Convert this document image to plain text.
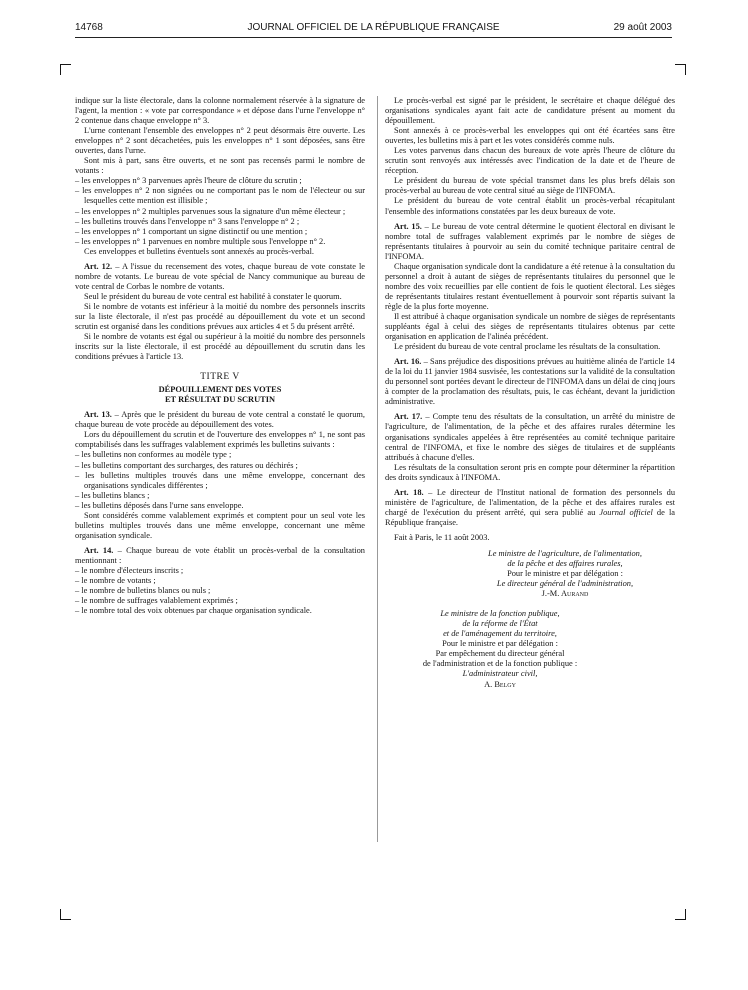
14768	JOURNAL OFFICIEL DE LA RÉPUBLIQUE FRANÇAISE	29 août 2003

indique sur la liste électorale, dans la colonne normalement réservée à la signature de l'agent, la mention : « vote par correspondance » et dépose dans l'urne l'enveloppe n° 2 contenue dans chaque enveloppe n° 3.

L'urne contenant l'ensemble des enveloppes n° 2 peut désormais être ouverte. Les enveloppes n° 2 sont décachetées, puis les enveloppes n° 1 sont déposées, sans être ouvertes, dans l'urne.

Sont mis à part, sans être ouverts, et ne sont pas recensés parmi le nombre de votants :

– les enveloppes n° 3 parvenues après l'heure de clôture du scrutin ;
– les enveloppes n° 2 non signées ou ne comportant pas le nom de l'électeur ou sur lesquelles cette mention est illisible ;
– les enveloppes n° 2 multiples parvenues sous la signature d'un même électeur ;
– les bulletins trouvés dans l'enveloppe n° 3 sans l'enveloppe n° 2 ;
– les enveloppes n° 1 comportant un signe distinctif ou une mention ;
– les enveloppes n° 1 parvenues en nombre multiple sous l'enveloppe n° 2.

Ces enveloppes et bulletins éventuels sont annexés au procès-verbal.

Art. 12. – A l'issue du recensement des votes, chaque bureau de vote constate le nombre de votants. Le bureau de vote spécial de Nancy communique au bureau de vote central de Corbas le nombre de votants.

Seul le président du bureau de vote central est habilité à constater le quorum.

Si le nombre de votants est inférieur à la moitié du nombre des personnels inscrits sur la liste électorale, il n'est pas procédé au dépouillement du vote et un second scrutin est organisé dans les conditions prévues aux articles 4 et 5 du présent arrêté.

Si le nombre de votants est égal ou supérieur à la moitié du nombre des personnels inscrits sur la liste électorale, il est procédé au dépouillement du scrutin dans les conditions prévues à l'article 13.

TITRE V
DÉPOUILLEMENT DES VOTES
ET RÉSULTAT DU SCRUTIN

Art. 13. – Après que le président du bureau de vote central a constaté le quorum, chaque bureau de vote procède au dépouillement des votes.

Lors du dépouillement du scrutin et de l'ouverture des enveloppes n° 1, ne sont pas comptabilisés dans les suffrages valablement exprimés les bulletins suivants :

– les bulletins non conformes au modèle type ;
– les bulletins comportant des surcharges, des ratures ou déchirés ;
– les bulletins multiples trouvés dans une même enveloppe, concernant des organisations syndicales différentes ;
– les bulletins blancs ;
– les bulletins déposés dans l'urne sans enveloppe.

Sont considérés comme valablement exprimés et comptent pour un seul vote les bulletins multiples trouvés dans une même enveloppe, concernant une même organisation syndicale.

Art. 14. – Chaque bureau de vote établit un procès-verbal de la consultation mentionnant :

– le nombre d'électeurs inscrits ;
– le nombre de votants ;
– le nombre de bulletins blancs ou nuls ;
– le nombre de suffrages valablement exprimés ;
– le nombre total des voix obtenues par chaque organisation syndicale.

Le procès-verbal est signé par le président, le secrétaire et chaque délégué des organisations syndicales ayant fait acte de candidature présent au moment du dépouillement.

Sont annexés à ce procès-verbal les enveloppes qui ont été écartées sans être ouvertes, les bulletins mis à part et les votes considérés comme nuls.

Les votes parvenus dans chacun des bureaux de vote après l'heure de clôture du scrutin sont renvoyés aux intéressés avec l'indication de la date et de l'heure de réception.

Le président du bureau de vote spécial transmet dans les plus brefs délais son procès-verbal au bureau de vote central situé au siège de l'INFOMA.

Le président du bureau de vote central établit un procès-verbal récapitulant l'ensemble des informations constatées par les deux bureaux de vote.

Art. 15. – Le bureau de vote central détermine le quotient électoral en divisant le nombre total de suffrages valablement exprimés par le nombre de sièges de représentants titulaires à pourvoir au sein du comité technique paritaire central de l'INFOMA.

Chaque organisation syndicale dont la candidature a été retenue à la consultation du personnel a droit à autant de sièges de représentants titulaires du personnel que le nombre des voix recueillies par elle contient de fois le quotient électoral. Les sièges de représentants titulaires restant éventuellement à pourvoir sont répartis suivant la règle de la plus forte moyenne.

Il est attribué à chaque organisation syndicale un nombre de sièges de représentants suppléants égal à celui des sièges de représentants titulaires obtenus par cette organisation en application de l'alinéa précédent.

Le président du bureau de vote central proclame les résultats de la consultation.

Art. 16. – Sans préjudice des dispositions prévues au huitième alinéa de l'article 14 de la loi du 11 janvier 1984 susvisée, les contestations sur la validité de la consultation du personnel sont portées devant le directeur de l'INFOMA dans un délai de cinq jours à compter de la proclamation des résultats, puis, le cas échéant, devant la juridiction administrative.

Art. 17. – Compte tenu des résultats de la consultation, un arrêté du ministre de l'agriculture, de l'alimentation, de la pêche et des affaires rurales détermine les organisations syndicales appelées à être représentées au comité technique paritaire central de l'INFOMA, et fixe le nombre des sièges de titulaires et de suppléants attribués à chacune d'elles.

Les résultats de la consultation seront pris en compte pour déterminer la répartition des droits syndicaux à l'INFOMA.

Art. 18. – Le directeur de l'Institut national de formation des personnels du ministère de l'agriculture, de l'alimentation, de la pêche et des affaires rurales est chargé de l'exécution du présent arrêté, qui sera publié au Journal officiel de la République française.

Fait à Paris, le 11 août 2003.

Le ministre de l'agriculture, de l'alimentation,
de la pêche et des affaires rurales,
Pour le ministre et par délégation :
Le directeur général de l'administration,
J.-M. Aurand
Le ministre de la fonction publique,
de la réforme de l'État
et de l'aménagement du territoire,
Pour le ministre et par délégation :
Par empêchement du directeur général
de l'administration et de la fonction publique :
L'administrateur civil,
A. Belgy
